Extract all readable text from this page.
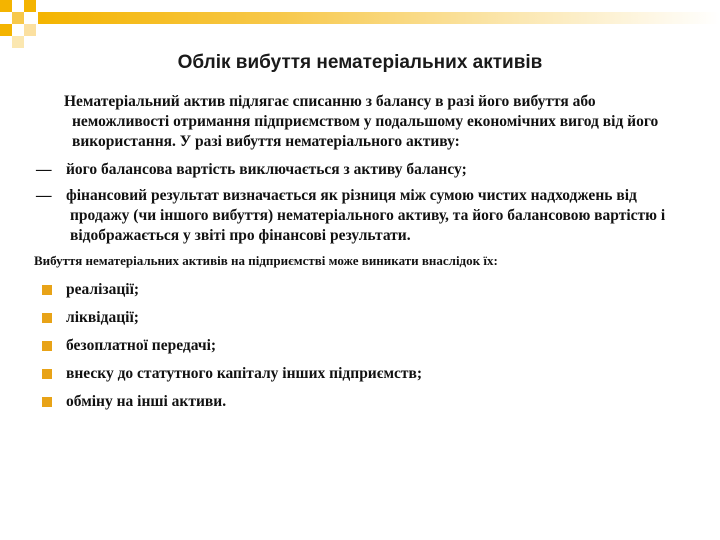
Облік вибуття нематеріальних активів

Нематеріальний актив підлягає списанню з балансу в разі його вибуття або неможливості отримання підприємством у подальшому економічних вигод від його використання. У разі вибуття нематеріального активу:

— його балансова вартість виключається з активу балансу;

— фінансовий результат визначається як різниця між сумою чистих надходжень від продажу (чи іншого вибуття) нематеріального активу, та його балансовою вартістю і відображається у звіті про фінансові результати.

Вибуття нематеріальних активів на підприємстві може виникати внаслідок їх:

реалізації;
ліквідації;
безоплатної передачі;
внеску до статутного капіталу інших підприємств;
обміну на інші активи.
